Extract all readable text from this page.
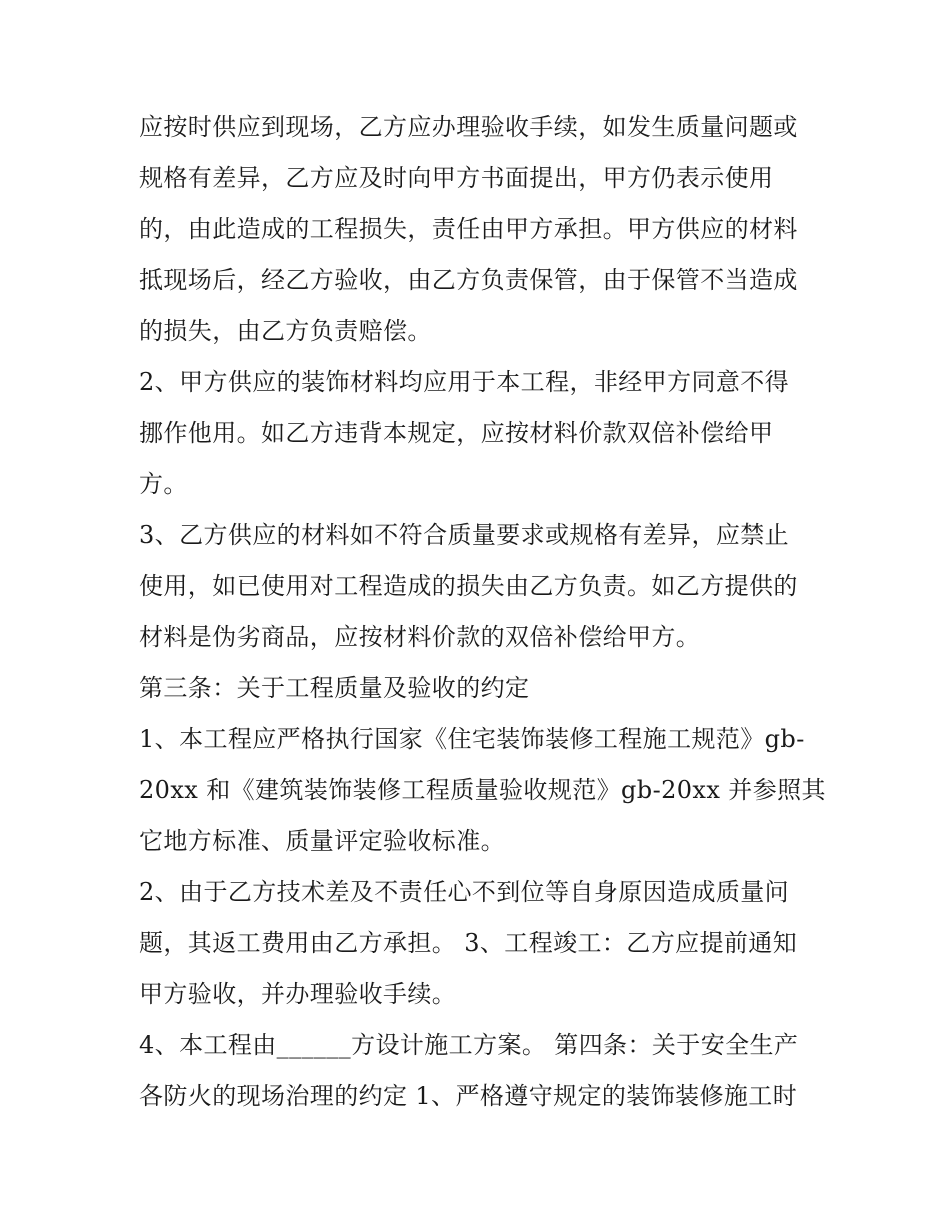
应按时供应到现场，乙方应办理验收手续，如发生质量问题或
规格有差异，乙方应及时向甲方书面提出，甲方仍表示使用
的，由此造成的工程损失，责任由甲方承担。甲方供应的材料
抵现场后，经乙方验收，由乙方负责保管，由于保管不当造成
的损失，由乙方负责赔偿。
2、甲方供应的装饰材料均应用于本工程，非经甲方同意不得
挪作他用。如乙方违背本规定，应按材料价款双倍补偿给甲
方。
3、乙方供应的材料如不符合质量要求或规格有差异，应禁止
使用，如已使用对工程造成的损失由乙方负责。如乙方提供的
材料是伪劣商品，应按材料价款的双倍补偿给甲方。
第三条：关于工程质量及验收的约定
1、本工程应严格执行国家《住宅装饰装修工程施工规范》gb-
20xx 和《建筑装饰装修工程质量验收规范》gb-20xx 并参照其
它地方标准、质量评定验收标准。
2、由于乙方技术差及不责任心不到位等自身原因造成质量问
题，其返工费用由乙方承担。 3、工程竣工：乙方应提前通知
甲方验收，并办理验收手续。
4、本工程由______方设计施工方案。 第四条：关于安全生产
各防火的现场治理的约定 1、严格遵守规定的装饰装修施工时
